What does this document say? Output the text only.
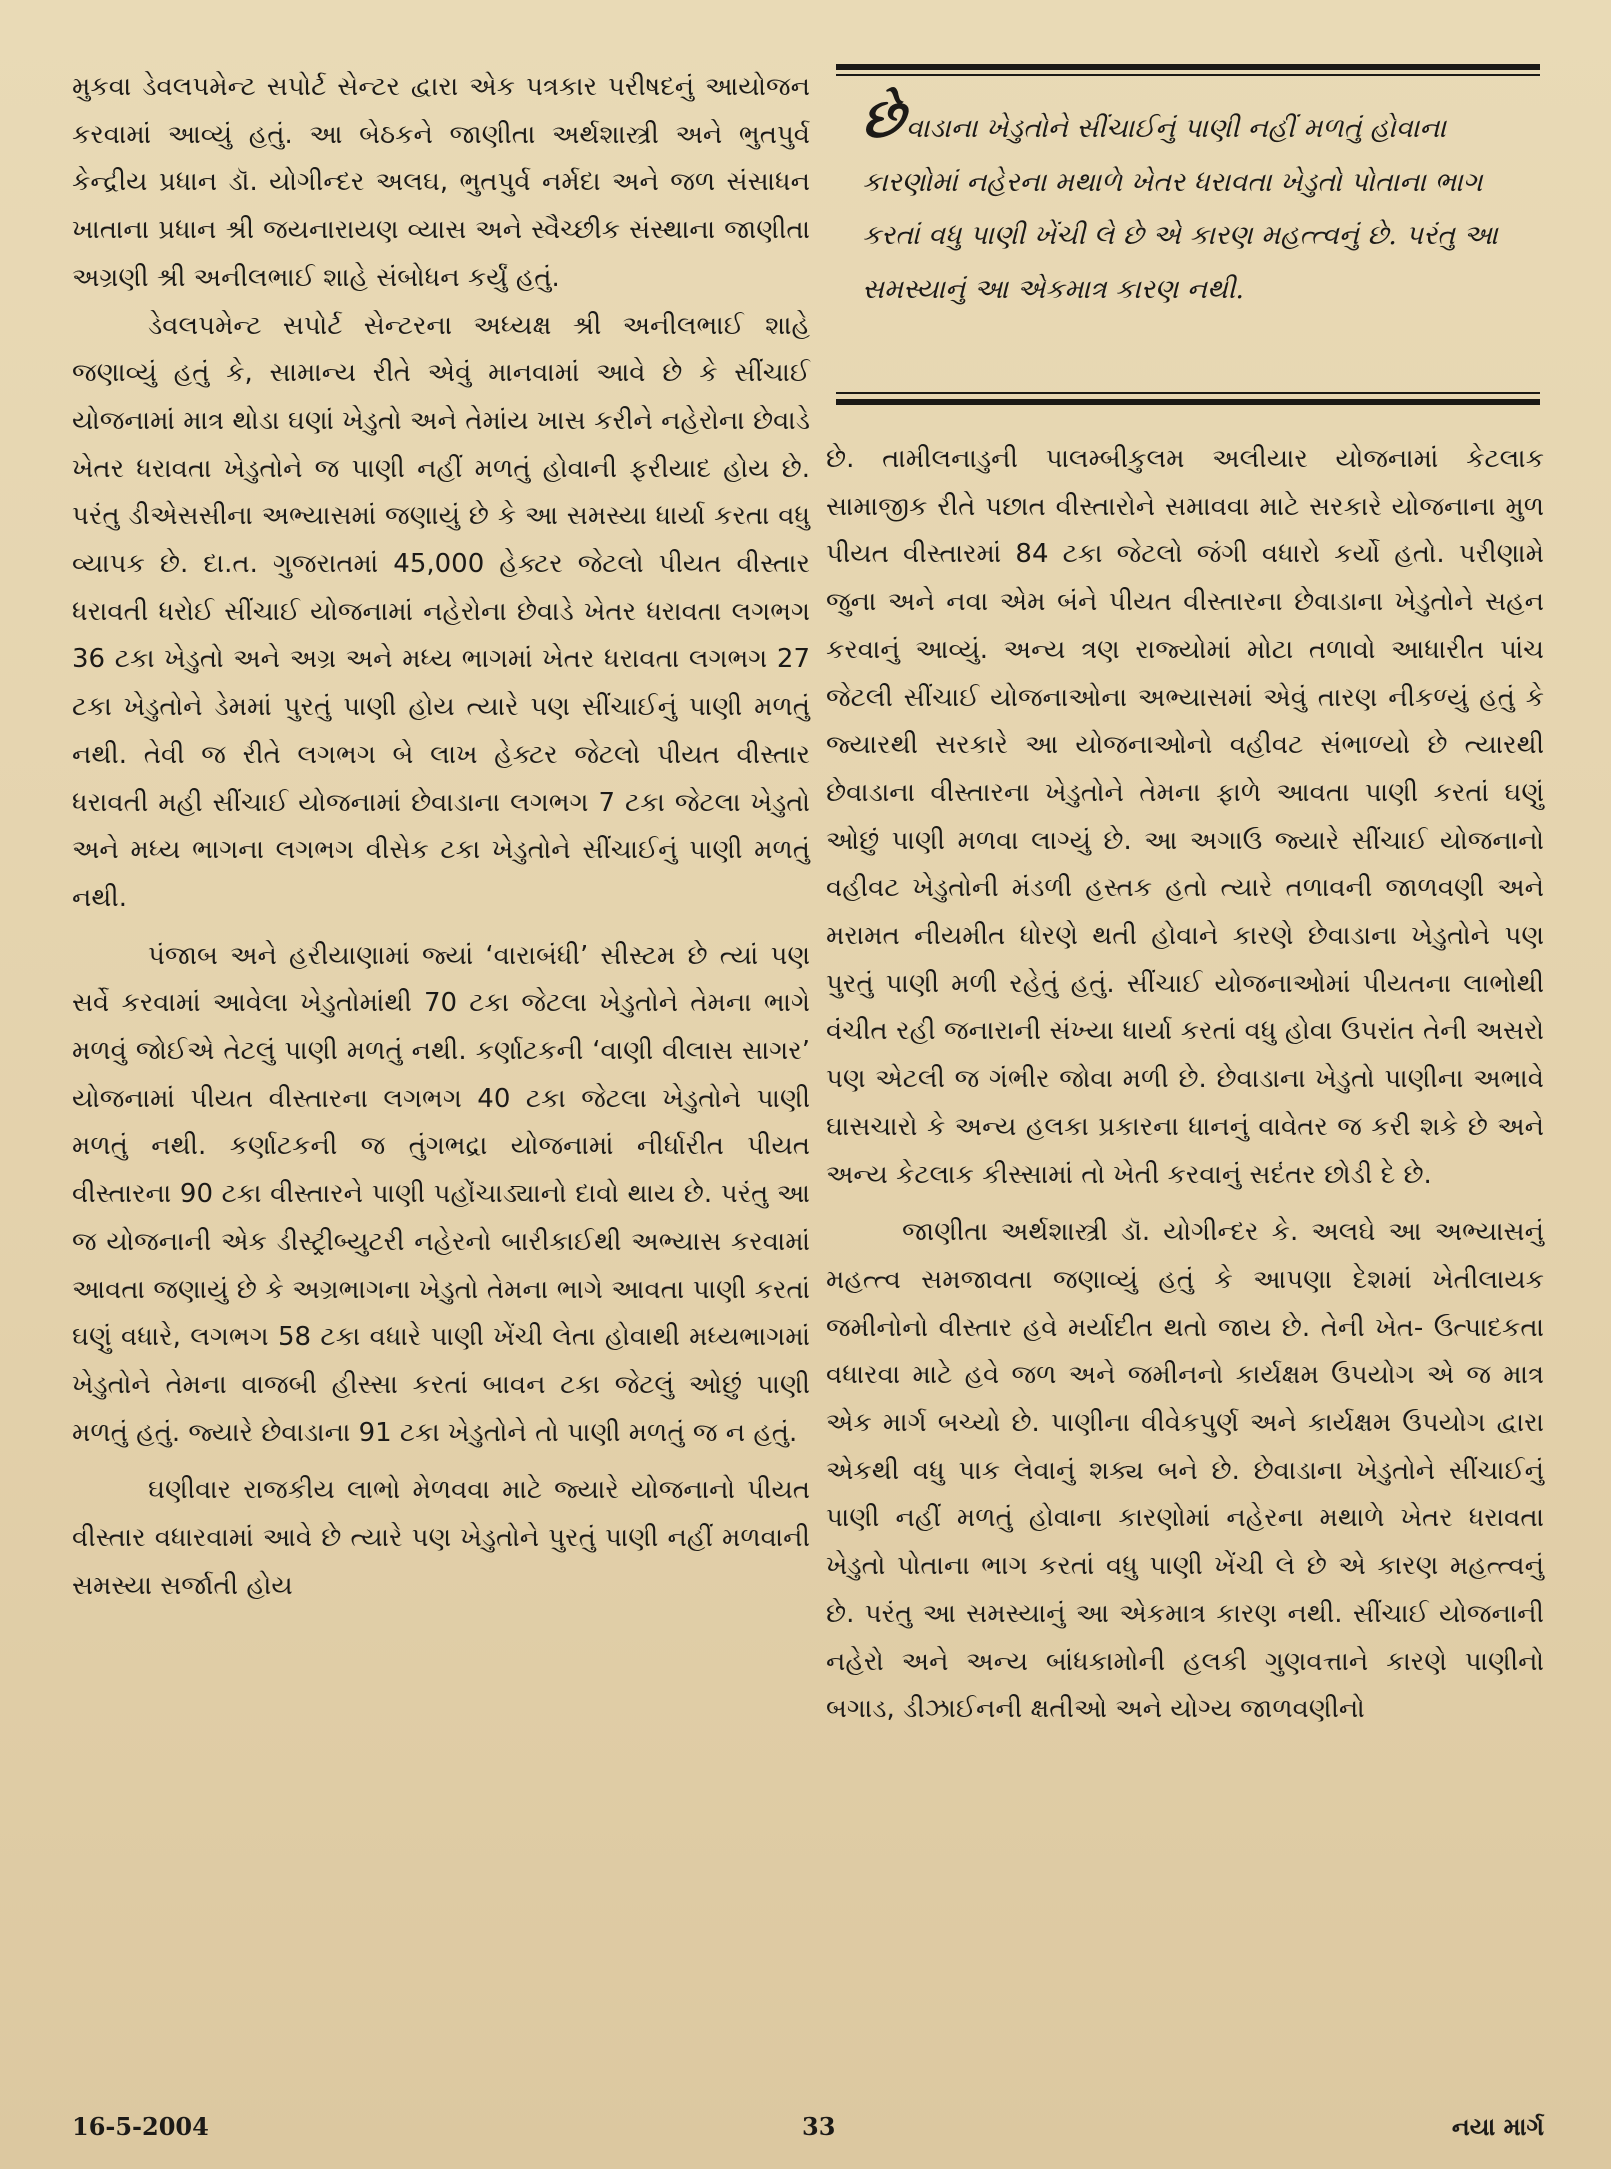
મુકવા ડેવલપમેન્ટ સપોર્ટ સેન્ટર દ્વારા એક પત્રકાર પરીષદનું આયોજન કરવામાં આવ્યું હતું. આ બેઠકને જાણીતા અર્થશાસ્ત્રી અને ભુતપુર્વ કેન્દ્રીય પ્રધાન ડૉ. યોગીન્દર અલઘ, ભુતપુર્વ નર્મદા અને જળ સંસાધન ખાતાના પ્રધાન શ્રી જયનારાયણ વ્યાસ અને સ્વૈચ્છીક સંસ્થાના જાણીતા અગ્રણી શ્રી અનીલભાઈ શાહે સંબોધન કર્યું હતું.

ડેવલપમેન્ટ સપોર્ટ સેન્ટરના અધ્યક્ષ શ્રી અનીલભાઈ શાહે જણાવ્યું હતું કે, સામાન્ય રીતે એવું માનવામાં આવે છે કે સીંચાઈ યોજનામાં માત્ર થોડા ઘણાં ખેડુતો અને તેમાંય ખાસ કરીને નહેરોના છેવાડે ખેતર ધરાવતા ખેડુતોને જ પાણી નહીં મળતું હોવાની ફરીયાદ હોય છે. પરંતુ ડીએસસીના અભ્યાસમાં જણાયું છે કે આ સમસ્યા ધાર્યા કરતા વધુ વ્યાપક છે. દા.ત. ગુજરાતમાં 45,000 હેક્ટર જેટલો પીયત વીસ્તાર ધરાવતી ધરોઈ સીંચાઈ યોજનામાં નહેરોના છેવાડે ખેતર ધરાવતા લગભગ 36 ટકા ખેડુતો અને અગ્ર અને મધ્ય ભાગમાં ખેતર ધરાવતા લગભગ 27 ટકા ખેડુતોને ડેમમાં પુરતું પાણી હોય ત્યારે પણ સીંચાઈનું પાણી મળતું નથી. તેવી જ રીતે લગભગ બે લાખ હેક્ટર જેટલો પીયત વીસ્તાર ધરાવતી મહી સીંચાઈ યોજનામાં છેવાડાના લગભગ 7 ટકા જેટલા ખેડુતો અને મધ્ય ભાગના લગભગ વીસેક ટકા ખેડુતોને સીંચાઈનું પાણી મળતું નથી.

પંજાબ અને હરીયાણામાં જ્યાં ‘વારાબંધી’ સીસ્ટમ છે ત્યાં પણ સર્વે કરવામાં આવેલા ખેડુતોમાંથી 70 ટકા જેટલા ખેડુતોને તેમના ભાગે મળવું જોઈએ તેટલું પાણી મળતું નથી. કર્ણાટકની ‘વાણી વીલાસ સાગર’ યોજનામાં પીયત વીસ્તારના લગભગ 40 ટકા જેટલા ખેડુતોને પાણી મળતું નથી. કર્ણાટકની જ તુંગભદ્રા યોજનામાં નીર્ધારીત પીયત વીસ્તારના 90 ટકા વીસ્તારને પાણી પહોંચાડ્યાનો દાવો થાય છે. પરંતુ આ જ યોજનાની એક ડીસ્ટ્રીબ્યુટરી નહેરનો બારીકાઈથી અભ્યાસ કરવામાં આવતા જણાયું છે કે અગ્રભાગના ખેડુતો તેમના ભાગે આવતા પાણી કરતાં ઘણું વધારે, લગભગ 58 ટકા વધારે પાણી ખેંચી લેતા હોવાથી મધ્યભાગમાં ખેડુતોને તેમના વાજબી હીસ્સા કરતાં બાવન ટકા જેટલું ઓછું પાણી મળતું હતું. જ્યારે છેવાડાના 91 ટકા ખેડુતોને તો પાણી મળતું જ ન હતું.

ઘણીવાર રાજકીય લાભો મેળવવા માટે જ્યારે યોજનાનો પીયત વીસ્તાર વધારવામાં આવે છે ત્યારે પણ ખેડુતોને પુરતું પાણી નહીં મળવાની સમસ્યા સર્જાતી હોય

છેવાડાના ખેડુતોને સીંચાઈનું પાણી નહીં મળતું હોવાના કારણોમાં નહેરના મથાળે ખેતર ધરાવતા ખેડુતો પોતાના ભાગ કરતાં વધુ પાણી ખેંચી લે છે એ કારણ મહત્ત્વનું છે. પરંતુ આ સમસ્યાનું આ એકમાત્ર કારણ નથી.

છે. તામીલનાડુની પાલમ્બીકુલમ અલીયાર યોજનામાં કેટલાક સામાજીક રીતે પછાત વીસ્તારોને સમાવવા માટે સરકારે યોજનાના મુળ પીયત વીસ્તારમાં 84 ટકા જેટલો જંગી વધારો કર્યો હતો. પરીણામે જુના અને નવા એમ બંને પીયત વીસ્તારના છેવાડાના ખેડુતોને સહન કરવાનું આવ્યું. અન્ય ત્રણ રાજ્યોમાં મોટા તળાવો આધારીત પાંચ જેટલી સીંચાઈ યોજનાઓના અભ્યાસમાં એવું તારણ નીકળ્યું હતું કે જ્યારથી સરકારે આ યોજનાઓનો વહીવટ સંભાળ્યો છે ત્યારથી છેવાડાના વીસ્તારના ખેડુતોને તેમના ફાળે આવતા પાણી કરતાં ઘણું ઓછું પાણી મળવા લાગ્યું છે. આ અગાઉ જ્યારે સીંચાઈ યોજનાનો વહીવટ ખેડુતોની મંડળી હસ્તક હતો ત્યારે તળાવની જાળવણી અને મરામત નીયમીત ધોરણે થતી હોવાને કારણે છેવાડાના ખેડુતોને પણ પુરતું પાણી મળી રહેતું હતું. સીંચાઈ યોજનાઓમાં પીયતના લાભોથી વંચીત રહી જનારાની સંખ્યા ધાર્યા કરતાં વધુ હોવા ઉપરાંત તેની અસરો પણ એટલી જ ગંભીર જોવા મળી છે. છેવાડાના ખેડુતો પાણીના અભાવે ઘાસચારો કે અન્ય હલકા પ્રકારના ધાનનું વાવેતર જ કરી શકે છે અને અન્ય કેટલાક કીસ્સામાં તો ખેતી કરવાનું સદંતર છોડી દે છે.

જાણીતા અર્થશાસ્ત્રી ડૉ. યોગીન્દર કે. અલઘે આ અભ્યાસનું મહત્ત્વ સમજાવતા જણાવ્યું હતું કે આપણા દેશમાં ખેતીલાયક જમીનોનો વીસ્તાર હવે મર્યાદીત થતો જાય છે. તેની ખેત- ઉત્પાદકતા વધારવા માટે હવે જળ અને જમીનનો કાર્યક્ષમ ઉપયોગ એ જ માત્ર એક માર્ગ બચ્યો છે. પાણીના વીવેકપુર્ણ અને કાર્યક્ષમ ઉપયોગ દ્વારા એકથી વધુ પાક લેવાનું શક્ય બને છે. છેવાડાના ખેડુતોને સીંચાઈનું પાણી નહીં મળતું હોવાના કારણોમાં નહેરના મથાળે ખેતર ધરાવતા ખેડુતો પોતાના ભાગ કરતાં વધુ પાણી ખેંચી લે છે એ કારણ મહત્ત્વનું છે. પરંતુ આ સમસ્યાનું આ એકમાત્ર કારણ નથી. સીંચાઈ યોજનાની નહેરો અને અન્ય બાંધકામોની હલકી ગુણવત્તાને કારણે પાણીનો બગાડ, ડીઝાઈનની ક્ષતીઓ અને યોગ્ય જાળવણીનો

16-5-2004	33	નયા માર્ગ
